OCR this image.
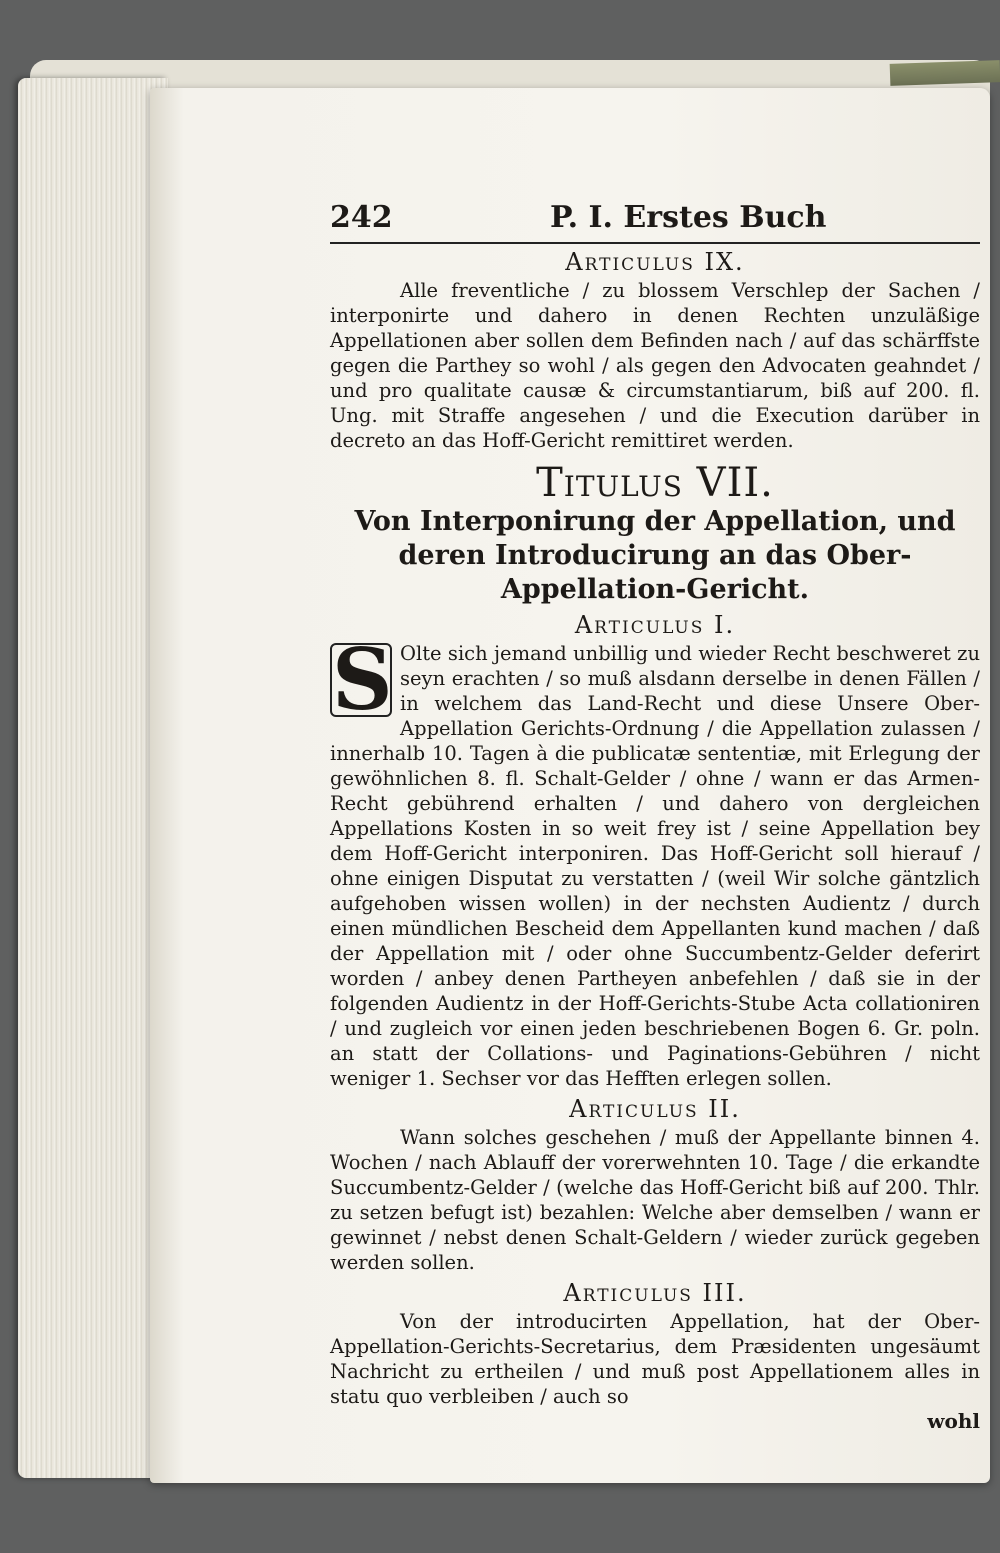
242	P. I. Erstes Buch
Articulus IX.

Alle freventliche / zu blossem Verschlep der Sachen / interponirte und dahero in denen Rechten unzuläßige Appellationen aber sollen dem Befinden nach / auf das schärffste gegen die Parthey so wohl / als gegen den Advocaten geahndet / und pro qualitate causæ & circumstantiarum, biß auf 200. fl. Ung. mit Straffe angesehen / und die Execution darüber in decreto an das Hoff-Gericht remittiret werden.

Titulus VII.
Von Interponirung der Appellation, und deren Introducirung an das Ober-Appellation-Gericht.
Articulus I.

S Olte sich jemand unbillig und wieder Recht beschweret zu seyn erachten / so muß alsdann derselbe in denen Fällen / in welchem das Land-Recht und diese Unsere Ober-Appellation Gerichts-Ordnung / die Appellation zulassen / innerhalb 10. Tagen à die publicatæ sententiæ, mit Erlegung der gewöhnlichen 8. fl. Schalt-Gelder / ohne / wann er das Armen-Recht gebührend erhalten / und dahero von dergleichen Appellations Kosten in so weit frey ist / seine Appellation bey dem Hoff-Gericht interponiren. Das Hoff-Gericht soll hierauf / ohne einigen Disputat zu verstatten / (weil Wir solche gäntzlich aufgehoben wissen wollen) in der nechsten Audientz / durch einen mündlichen Bescheid dem Appellanten kund machen / daß der Appellation mit / oder ohne Succumbentz-Gelder deferirt worden / anbey denen Partheyen anbefehlen / daß sie in der folgenden Audientz in der Hoff-Gerichts-Stube Acta collationiren / und zugleich vor einen jeden beschriebenen Bogen 6. Gr. poln. an statt der Collations- und Paginations-Gebühren / nicht weniger 1. Sechser vor das Hefften erlegen sollen.

Articulus II.

Wann solches geschehen / muß der Appellante binnen 4. Wochen / nach Ablauff der vorerwehnten 10. Tage / die erkandte Succumbentz-Gelder / (welche das Hoff-Gericht biß auf 200. Thlr. zu setzen befugt ist) bezahlen: Welche aber demselben / wann er gewinnet / nebst denen Schalt-Geldern / wieder zurück gegeben werden sollen.

Articulus III.

Von der introducirten Appellation, hat der Ober-Appellation-Gerichts-Secretarius, dem Præsidenten ungesäumt Nachricht zu ertheilen / und muß post Appellationem alles in statu quo verbleiben / auch so

wohl
